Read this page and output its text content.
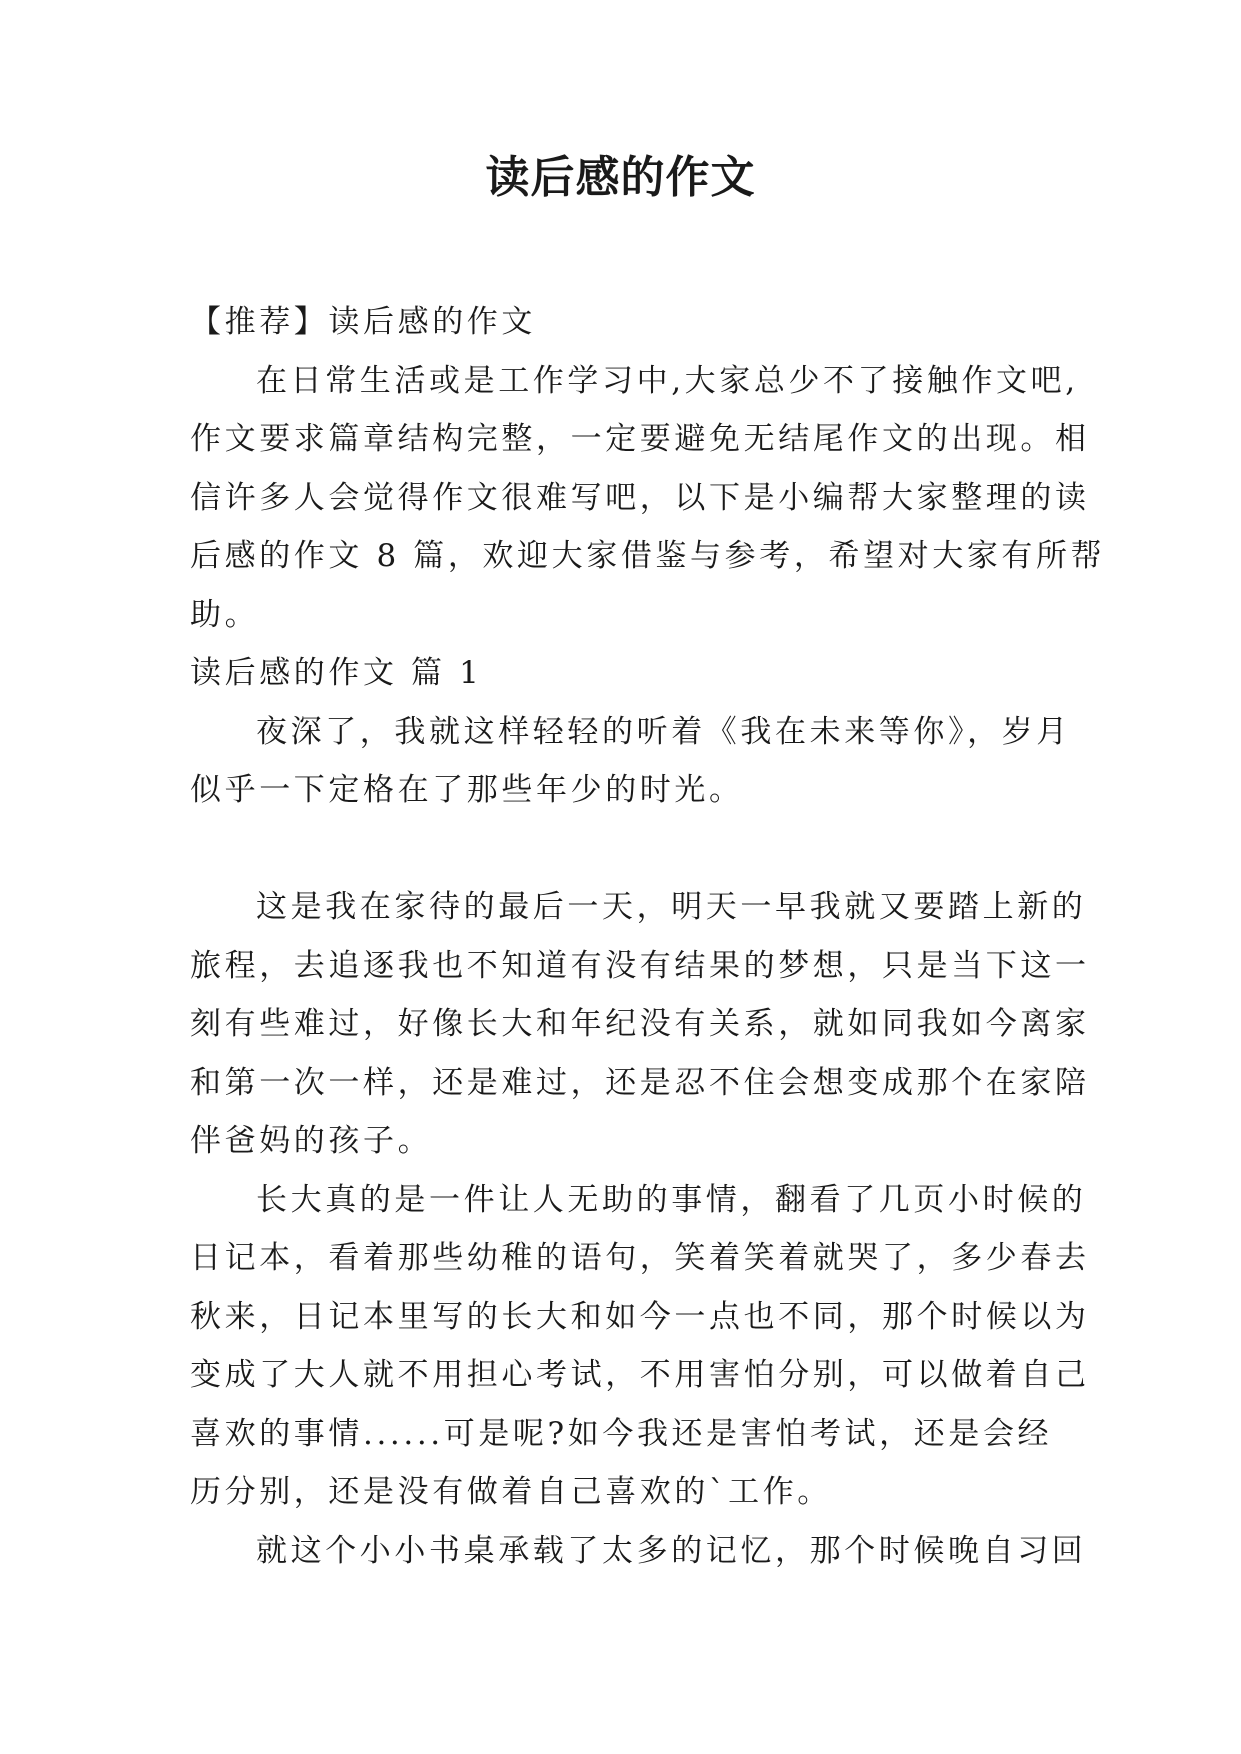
读后感的作文
【推荐】读后感的作文
在日常生活或是工作学习中,大家总少不了接触作文吧,
作文要求篇章结构完整，一定要避免无结尾作文的出现。相
信许多人会觉得作文很难写吧，以下是小编帮大家整理的读
后感的作文 8 篇，欢迎大家借鉴与参考，希望对大家有所帮
助。
读后感的作文 篇 1
夜深了，我就这样轻轻的听着《我在未来等你》，岁月
似乎一下定格在了那些年少的时光。
这是我在家待的最后一天，明天一早我就又要踏上新的
旅程，去追逐我也不知道有没有结果的梦想，只是当下这一
刻有些难过，好像长大和年纪没有关系，就如同我如今离家
和第一次一样，还是难过，还是忍不住会想变成那个在家陪
伴爸妈的孩子。
长大真的是一件让人无助的事情，翻看了几页小时候的
日记本，看着那些幼稚的语句，笑着笑着就哭了，多少春去
秋来，日记本里写的长大和如今一点也不同，那个时候以为
变成了大人就不用担心考试，不用害怕分别，可以做着自己
喜欢的事情......可是呢?如今我还是害怕考试，还是会经
历分别，还是没有做着自己喜欢的`工作。
就这个小小书桌承载了太多的记忆，那个时候晚自习回
